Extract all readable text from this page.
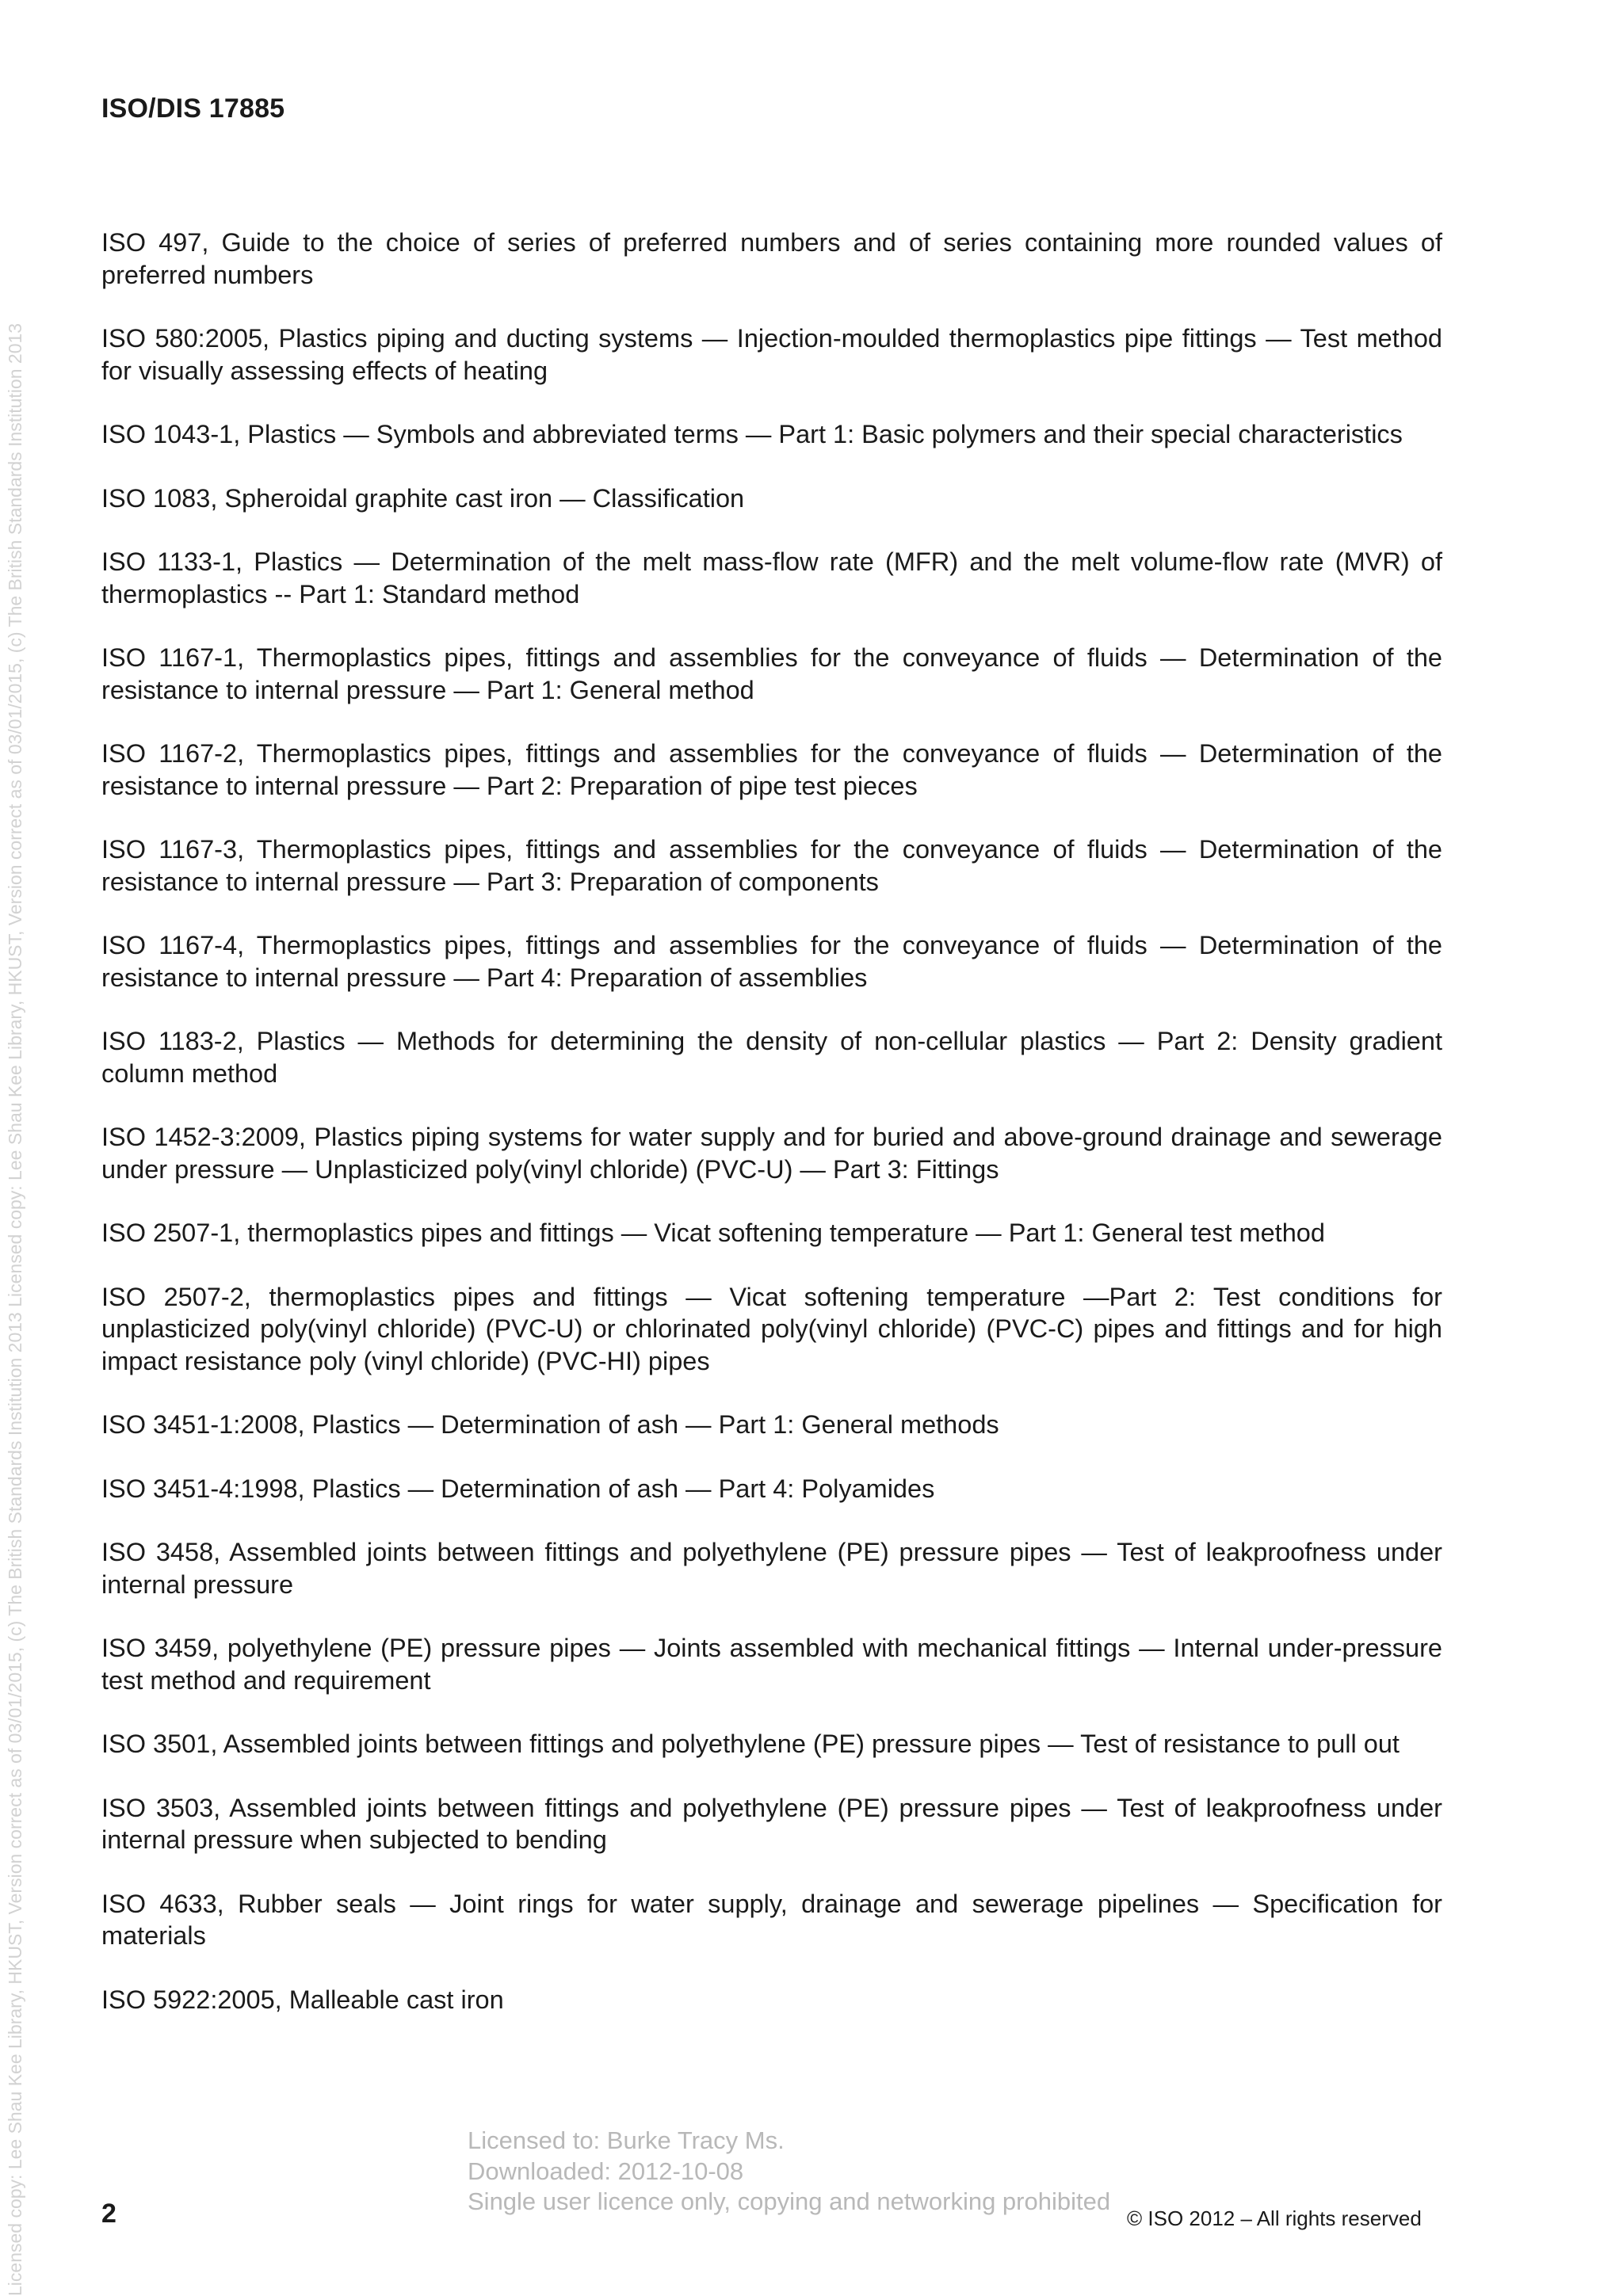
Licensed copy: Lee Shau Kee Library, HKUST, Version correct as of 03/01/2015, (c) The British Standards Institution 2013 Licensed copy: Lee Shau Kee Library, HKUST, Version correct as of 03/01/2015, (c) The British Standards Institution 2013
ISO/DIS 17885
ISO 497, Guide to the choice of series of preferred numbers and of series containing more rounded values of preferred numbers
ISO 580:2005, Plastics piping and ducting systems — Injection-moulded thermoplastics pipe fittings — Test method for visually assessing effects of heating
ISO 1043-1, Plastics — Symbols and abbreviated terms — Part 1: Basic polymers and their special characteristics
ISO 1083, Spheroidal graphite cast iron — Classification
ISO 1133-1, Plastics — Determination of the melt mass-flow rate (MFR) and the melt volume-flow rate (MVR) of thermoplastics -- Part 1: Standard method
ISO 1167-1, Thermoplastics pipes, fittings and assemblies for the conveyance of fluids — Determination of the resistance to internal pressure — Part 1: General method
ISO 1167-2, Thermoplastics pipes, fittings and assemblies for the conveyance of fluids — Determination of the resistance to internal pressure — Part 2: Preparation of pipe test pieces
ISO 1167-3, Thermoplastics pipes, fittings and assemblies for the conveyance of fluids — Determination of the resistance to internal pressure — Part 3: Preparation of components
ISO 1167-4, Thermoplastics pipes, fittings and assemblies for the conveyance of fluids — Determination of the resistance to internal pressure — Part 4: Preparation of assemblies
ISO 1183-2, Plastics — Methods for determining the density of non-cellular plastics — Part 2: Density gradient column method
ISO 1452-3:2009, Plastics piping systems for water supply and for buried and above-ground drainage and sewerage under pressure — Unplasticized poly(vinyl chloride) (PVC-U) — Part 3: Fittings
ISO 2507-1, thermoplastics pipes and fittings — Vicat softening temperature — Part 1: General test method
ISO 2507-2, thermoplastics pipes and fittings — Vicat softening temperature —Part 2: Test conditions for unplasticized poly(vinyl chloride) (PVC-U) or chlorinated poly(vinyl chloride) (PVC-C) pipes and fittings and for high impact resistance poly (vinyl chloride) (PVC-HI) pipes
ISO 3451-1:2008, Plastics — Determination of ash — Part 1: General methods
ISO 3451-4:1998, Plastics — Determination of ash — Part 4: Polyamides
ISO 3458, Assembled joints between fittings and polyethylene (PE) pressure pipes — Test of leakproofness under internal pressure
ISO 3459, polyethylene (PE) pressure pipes — Joints assembled with mechanical fittings — Internal under-pressure test method and requirement
ISO 3501, Assembled joints between fittings and polyethylene (PE) pressure pipes — Test of resistance to pull out
ISO 3503, Assembled joints between fittings and polyethylene (PE) pressure pipes — Test of leakproofness under internal pressure when subjected to bending
ISO 4633, Rubber seals — Joint rings for water supply, drainage and sewerage pipelines — Specification for materials
ISO 5922:2005, Malleable cast iron
Licensed to: Burke Tracy Ms.
Downloaded: 2012-10-08
Single user licence only, copying and networking prohibited
2	© ISO 2012 – All rights reserved
